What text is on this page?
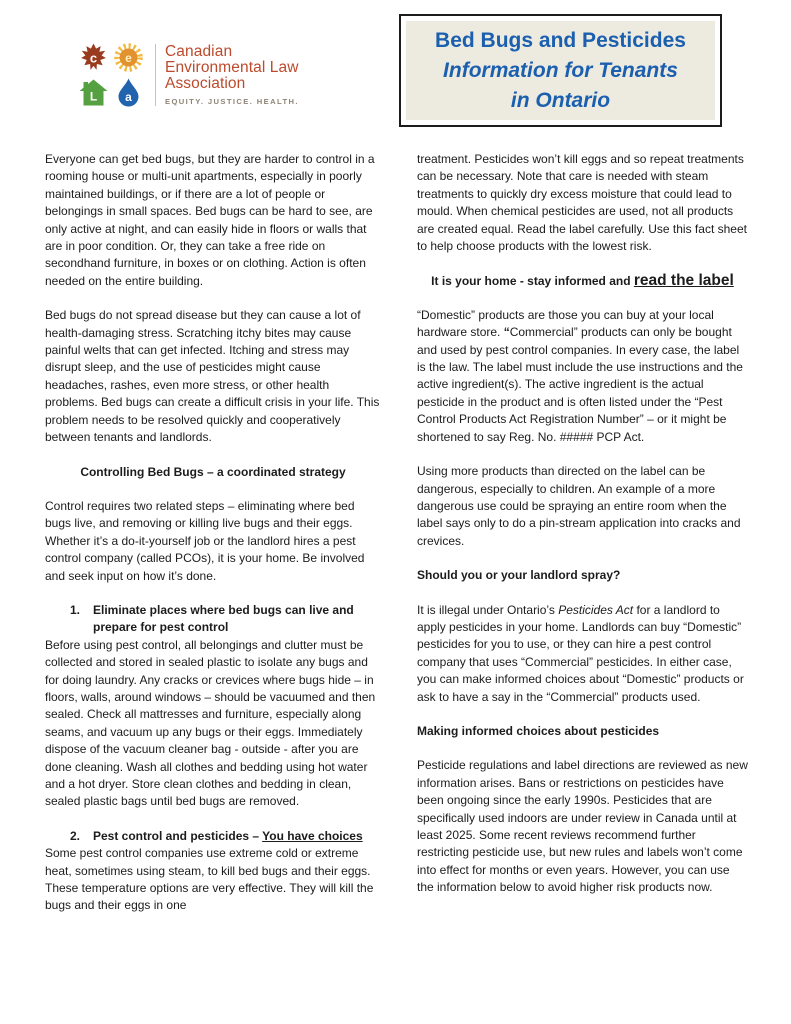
c e
L a
Canadian
Environmental Law
Association
EQUITY. JUSTICE. HEALTH.
Bed Bugs and Pesticides
Information for Tenants in Ontario

Everyone can get bed bugs, but they are harder to control in a rooming house or multi-unit apartments, especially in poorly maintained buildings, or if there are a lot of people or belongings in small spaces. Bed bugs can be hard to see, are only active at night, and can easily hide in floors or walls that are in poor condition. Or, they can take a free ride on secondhand furniture, in boxes or on clothing. Action is often needed on the entire building.

Bed bugs do not spread disease but they can cause a lot of health-damaging stress. Scratching itchy bites may cause painful welts that can get infected. Itching and stress may disrupt sleep, and the use of pesticides might cause headaches, rashes, even more stress, or other health problems. Bed bugs can create a difficult crisis in your life. This problem needs to be resolved quickly and cooperatively between tenants and landlords.

Controlling Bed Bugs – a coordinated strategy

Control requires two related steps – eliminating where bed bugs live, and removing or killing live bugs and their eggs. Whether it’s a do-it-yourself job or the landlord hires a pest control company (called PCOs), it is your home. Be involved and seek input on how it’s done.

1.	Eliminate places where bed bugs can live and prepare for pest control

Before using pest control, all belongings and clutter must be collected and stored in sealed plastic to isolate any bugs and for doing laundry. Any cracks or crevices where bugs hide – in floors, walls, around windows – should be vacuumed and then sealed. Check all mattresses and furniture, especially along seams, and vacuum up any bugs or their eggs. Immediately dispose of the vacuum cleaner bag - outside - after you are done cleaning. Wash all clothes and bedding using hot water and a hot dryer. Store clean clothes and bedding in clean, sealed plastic bags until bed bugs are removed.

2.	Pest control and pesticides – You have choices

Some pest control companies use extreme cold or extreme heat, sometimes using steam, to kill bed bugs and their eggs. These temperature options are very effective. They will kill the bugs and their eggs in one

treatment. Pesticides won’t kill eggs and so repeat treatments can be necessary. Note that care is needed with steam treatments to quickly dry excess moisture that could lead to mould. When chemical pesticides are used, not all products are created equal. Read the label carefully. Use this fact sheet to help choose products with the lowest risk.

It is your home - stay informed and read the label

“Domestic” products are those you can buy at your local hardware store. “Commercial” products can only be bought and used by pest control companies. In every case, the label is the law. The label must include the use instructions and the active ingredient(s). The active ingredient is the actual pesticide in the product and is often listed under the “Pest Control Products Act Registration Number” – or it might be shortened to say Reg. No. ##### PCP Act.

Using more products than directed on the label can be dangerous, especially to children. An example of a more dangerous use could be spraying an entire room when the label says only to do a pin-stream application into cracks and crevices.

Should you or your landlord spray?

It is illegal under Ontario’s Pesticides Act for a landlord to apply pesticides in your home. Landlords can buy “Domestic” pesticides for you to use, or they can hire a pest control company that uses “Commercial” pesticides. In either case, you can make informed choices about “Domestic” products or ask to have a say in the “Commercial” products used.

Making informed choices about pesticides

Pesticide regulations and label directions are reviewed as new information arises. Bans or restrictions on pesticides have been ongoing since the early 1990s. Pesticides that are specifically used indoors are under review in Canada until at least 2025. Some recent reviews recommend further restricting pesticide use, but new rules and labels won’t come into effect for months or even years. However, you can use the information below to avoid higher risk products now.
